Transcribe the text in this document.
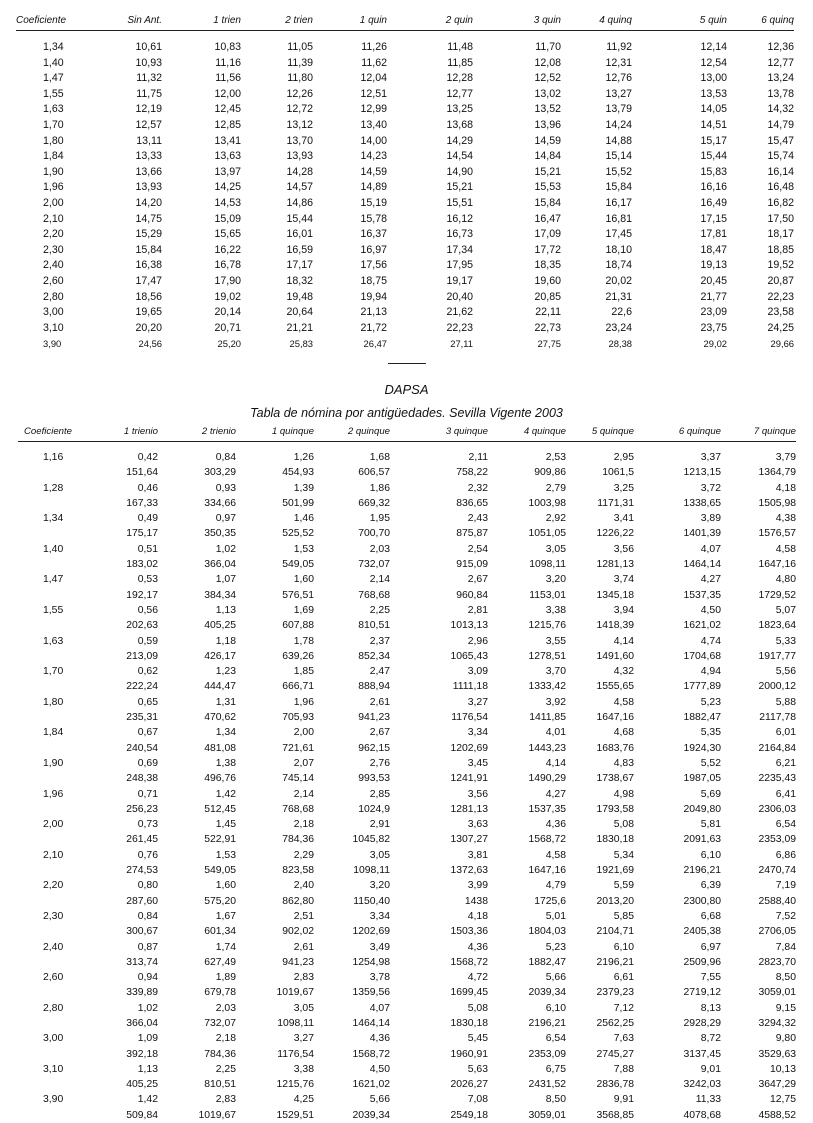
Coeficiente	Sin Ant.	1 trien	2 trien	1 quin	2 quin	3 quin	4 quinq	5 quin	6 quinq

1,34	10,61	10,83	11,05	11,26	11,48	11,70	11,92	12,14	12,36
1,40	10,93	11,16	11,39	11,62	11,85	12,08	12,31	12,54	12,77
1,47	11,32	11,56	11,80	12,04	12,28	12,52	12,76	13,00	13,24
1,55	11,75	12,00	12,26	12,51	12,77	13,02	13,27	13,53	13,78
1,63	12,19	12,45	12,72	12,99	13,25	13,52	13,79	14,05	14,32
1,70	12,57	12,85	13,12	13,40	13,68	13,96	14,24	14,51	14,79
1,80	13,11	13,41	13,70	14,00	14,29	14,59	14,88	15,17	15,47
1,84	13,33	13,63	13,93	14,23	14,54	14,84	15,14	15,44	15,74
1,90	13,66	13,97	14,28	14,59	14,90	15,21	15,52	15,83	16,14
1,96	13,93	14,25	14,57	14,89	15,21	15,53	15,84	16,16	16,48
2,00	14,20	14,53	14,86	15,19	15,51	15,84	16,17	16,49	16,82
2,10	14,75	15,09	15,44	15,78	16,12	16,47	16,81	17,15	17,50
2,20	15,29	15,65	16,01	16,37	16,73	17,09	17,45	17,81	18,17
2,30	15,84	16,22	16,59	16,97	17,34	17,72	18,10	18,47	18,85
2,40	16,38	16,78	17,17	17,56	17,95	18,35	18,74	19,13	19,52
2,60	17,47	17,90	18,32	18,75	19,17	19,60	20,02	20,45	20,87
2,80	18,56	19,02	19,48	19,94	20,40	20,85	21,31	21,77	22,23
3,00	19,65	20,14	20,64	21,13	21,62	22,11	22,6	23,09	23,58
3,10	20,20	20,71	21,21	21,72	22,23	22,73	23,24	23,75	24,25
3,90	24,56	25,20	25,83	26,47	27,11	27,75	28,38	29,02	29,66
DAPSA
Tabla de nómina por antigüedades. Sevilla Vigente 2003
Coeficiente	1 trienio	2 trienio	1 quinque	2 quinque	3 quinque	4 quinque	5 quinque	6 quinque	7 quinque

1,16	0,42	0,84	1,26	1,68	2,11	2,53	2,95	3,37	3,79
	151,64	303,29	454,93	606,57	758,22	909,86	1061,5	1213,15	1364,79
1,28	0,46	0,93	1,39	1,86	2,32	2,79	3,25	3,72	4,18
	167,33	334,66	501,99	669,32	836,65	1003,98	1171,31	1338,65	1505,98
1,34	0,49	0,97	1,46	1,95	2,43	2,92	3,41	3,89	4,38
	175,17	350,35	525,52	700,70	875,87	1051,05	1226,22	1401,39	1576,57
1,40	0,51	1,02	1,53	2,03	2,54	3,05	3,56	4,07	4,58
	183,02	366,04	549,05	732,07	915,09	1098,11	1281,13	1464,14	1647,16
1,47	0,53	1,07	1,60	2,14	2,67	3,20	3,74	4,27	4,80
	192,17	384,34	576,51	768,68	960,84	1153,01	1345,18	1537,35	1729,52
1,55	0,56	1,13	1,69	2,25	2,81	3,38	3,94	4,50	5,07
	202,63	405,25	607,88	810,51	1013,13	1215,76	1418,39	1621,02	1823,64
1,63	0,59	1,18	1,78	2,37	2,96	3,55	4,14	4,74	5,33
	213,09	426,17	639,26	852,34	1065,43	1278,51	1491,60	1704,68	1917,77
1,70	0,62	1,23	1,85	2,47	3,09	3,70	4,32	4,94	5,56
	222,24	444,47	666,71	888,94	1111,18	1333,42	1555,65	1777,89	2000,12
1,80	0,65	1,31	1,96	2,61	3,27	3,92	4,58	5,23	5,88
	235,31	470,62	705,93	941,23	1176,54	1411,85	1647,16	1882,47	2117,78
1,84	0,67	1,34	2,00	2,67	3,34	4,01	4,68	5,35	6,01
	240,54	481,08	721,61	962,15	1202,69	1443,23	1683,76	1924,30	2164,84
1,90	0,69	1,38	2,07	2,76	3,45	4,14	4,83	5,52	6,21
	248,38	496,76	745,14	993,53	1241,91	1490,29	1738,67	1987,05	2235,43
1,96	0,71	1,42	2,14	2,85	3,56	4,27	4,98	5,69	6,41
	256,23	512,45	768,68	1024,9	1281,13	1537,35	1793,58	2049,80	2306,03
2,00	0,73	1,45	2,18	2,91	3,63	4,36	5,08	5,81	6,54
	261,45	522,91	784,36	1045,82	1307,27	1568,72	1830,18	2091,63	2353,09
2,10	0,76	1,53	2,29	3,05	3,81	4,58	5,34	6,10	6,86
	274,53	549,05	823,58	1098,11	1372,63	1647,16	1921,69	2196,21	2470,74
2,20	0,80	1,60	2,40	3,20	3,99	4,79	5,59	6,39	7,19
	287,60	575,20	862,80	1150,40	1438	1725,6	2013,20	2300,80	2588,40
2,30	0,84	1,67	2,51	3,34	4,18	5,01	5,85	6,68	7,52
	300,67	601,34	902,02	1202,69	1503,36	1804,03	2104,71	2405,38	2706,05
2,40	0,87	1,74	2,61	3,49	4,36	5,23	6,10	6,97	7,84
	313,74	627,49	941,23	1254,98	1568,72	1882,47	2196,21	2509,96	2823,70
2,60	0,94	1,89	2,83	3,78	4,72	5,66	6,61	7,55	8,50
	339,89	679,78	1019,67	1359,56	1699,45	2039,34	2379,23	2719,12	3059,01
2,80	1,02	2,03	3,05	4,07	5,08	6,10	7,12	8,13	9,15
	366,04	732,07	1098,11	1464,14	1830,18	2196,21	2562,25	2928,29	3294,32
3,00	1,09	2,18	3,27	4,36	5,45	6,54	7,63	8,72	9,80
	392,18	784,36	1176,54	1568,72	1960,91	2353,09	2745,27	3137,45	3529,63
3,10	1,13	2,25	3,38	4,50	5,63	6,75	7,88	9,01	10,13
	405,25	810,51	1215,76	1621,02	2026,27	2431,52	2836,78	3242,03	3647,29
3,90	1,42	2,83	4,25	5,66	7,08	8,50	9,91	11,33	12,75
	509,84	1019,67	1529,51	2039,34	2549,18	3059,01	3568,85	4078,68	4588,52
